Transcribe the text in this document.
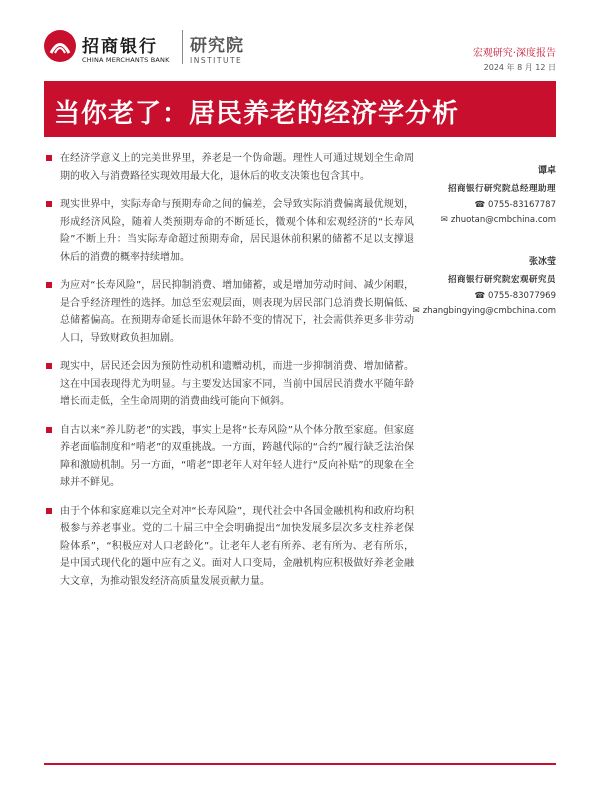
招商银行
CHINA MERCHANTS BANK
研究院
INSTITUTE
宏观研究·深度报告
2024 年 8 月 12 日
当你老了：居民养老的经济学分析
在经济学意义上的完美世界里，养老是一个伪命题。理性人可通过规划全生命周期的收入与消费路径实现效用最大化，退休后的收支决策也包含其中。
现实世界中，实际寿命与预期寿命之间的偏差，会导致实际消费偏离最优规划，形成经济风险，随着人类预期寿命的不断延长，微观个体和宏观经济的“长寿风险”不断上升：当实际寿命超过预期寿命，居民退休前积累的储蓄不足以支撑退休后的消费的概率持续增加。
为应对“长寿风险”，居民抑制消费、增加储蓄，或是增加劳动时间、减少闲暇，是合乎经济理性的选择。加总至宏观层面，则表现为居民部门总消费长期偏低、总储蓄偏高。在预期寿命延长而退休年龄不变的情况下，社会需供养更多非劳动人口，导致财政负担加剧。
现实中，居民还会因为预防性动机和遗赠动机，而进一步抑制消费、增加储蓄。这在中国表现得尤为明显。与主要发达国家不同，当前中国居民消费水平随年龄增长而走低，全生命周期的消费曲线可能向下倾斜。
自古以来“养儿防老”的实践，事实上是将“长寿风险”从个体分散至家庭。但家庭养老面临制度和“啃老”的双重挑战。一方面，跨越代际的“合约”履行缺乏法治保障和激励机制。另一方面，“啃老”即老年人对年轻人进行“反向补贴”的现象在全球并不鲜见。
由于个体和家庭难以完全对冲“长寿风险”，现代社会中各国金融机构和政府均积极参与养老事业。党的二十届三中全会明确提出“加快发展多层次多支柱养老保险体系”，“积极应对人口老龄化”。让老年人老有所养、老有所为、老有所乐，是中国式现代化的题中应有之义。面对人口变局，金融机构应积极做好养老金融大文章，为推动银发经济高质量发展贡献力量。
谭卓
招商银行研究院总经理助理
☎ 0755-83167787
✉ zhuotan@cmbchina.com
张冰莹
招商银行研究院宏观研究员
☎ 0755-83077969
✉ zhangbingying@cmbchina.com
